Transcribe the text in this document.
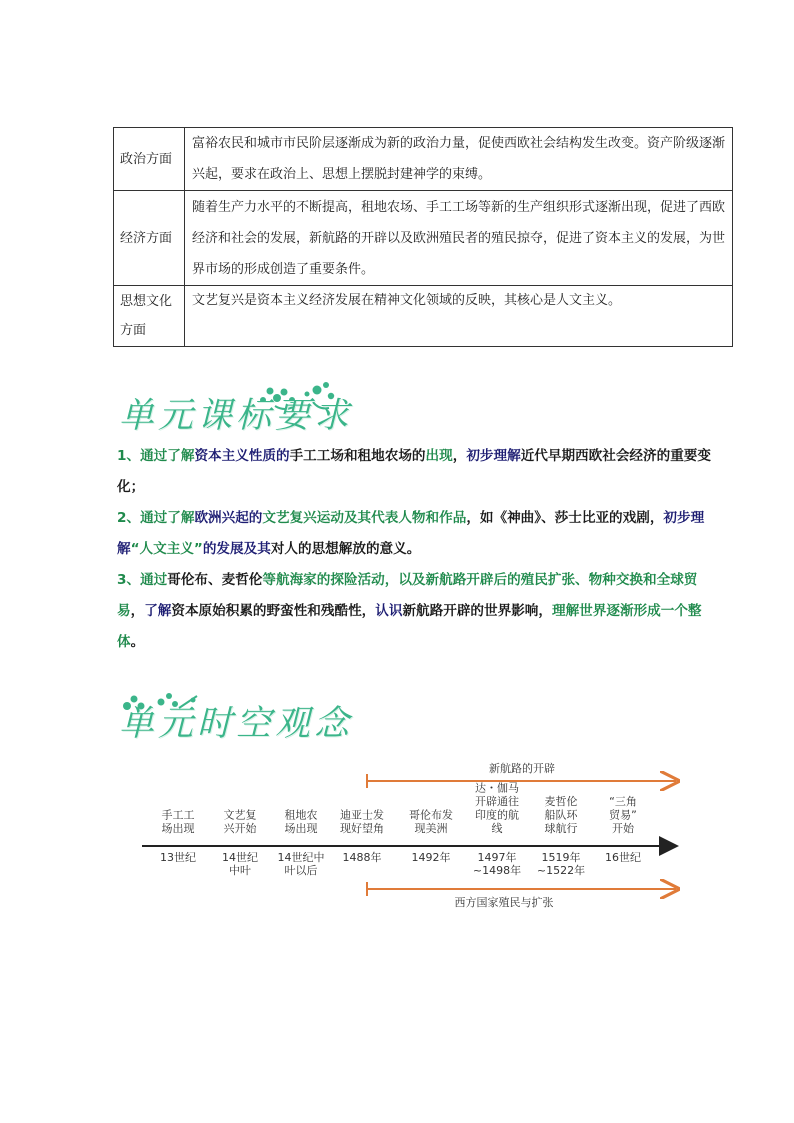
政治方面	富裕农民和城市市民阶层逐渐成为新的政治力量，促使西欧社会结构发生改变。资产阶级逐渐兴起，要求在政治上、思想上摆脱封建神学的束缚。
经济方面	随着生产力水平的不断提高，租地农场、手工工场等新的生产组织形式逐渐出现，促进了西欧经济和社会的发展，新航路的开辟以及欧洲殖民者的殖民掠夺，促进了资本主义的发展，为世界市场的形成创造了重要条件。
思想文化方面	文艺复兴是资本主义经济发展在精神文化领域的反映，其核心是人文主义。
单元课标要求

1、通过了解资本主义性质的手工工场和租地农场的出现，初步理解近代早期西欧社会经济的重要变化；

2、通过了解欧洲兴起的文艺复兴运动及其代表人物和作品，如《神曲》、莎士比亚的戏剧，初步理解“人文主义”的发展及其对人的思想解放的意义。

3、通过哥伦布、麦哲伦等航海家的探险活动，以及新航路开辟后的殖民扩张、物种交换和全球贸易，了解资本原始积累的野蛮性和残酷性，认识新航路开辟的世界影响，理解世界逐渐形成一个整体。

单元时空观念
新航路的开辟
手工工
场出现
13世纪
文艺复
兴开始
14世纪
中叶
租地农
场出现
14世纪中
叶以后
迪亚士发
现好望角
1488年
哥伦布发
现美洲
1492年
达・伽马
开辟通往
印度的航
线
1497年
~1498年
麦哲伦
船队环
球航行
1519年
~1522年
“三角
贸易”
开始
16世纪
西方国家殖民与扩张
